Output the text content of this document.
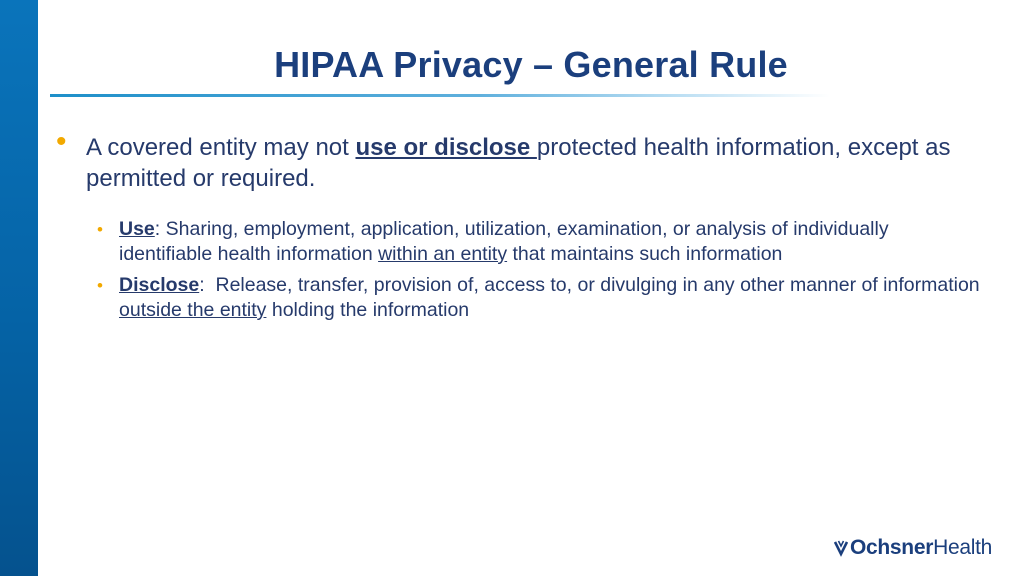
HIPAA Privacy – General Rule
• A covered entity may not use or disclose protected health information, except as permitted or required.
• Use: Sharing, employment, application, utilization, examination, or analysis of individually identifiable health information within an entity that maintains such information
• Disclose:  Release, transfer, provision of, access to, or divulging in any other manner of information outside the entity holding the information
Ochsner Health
